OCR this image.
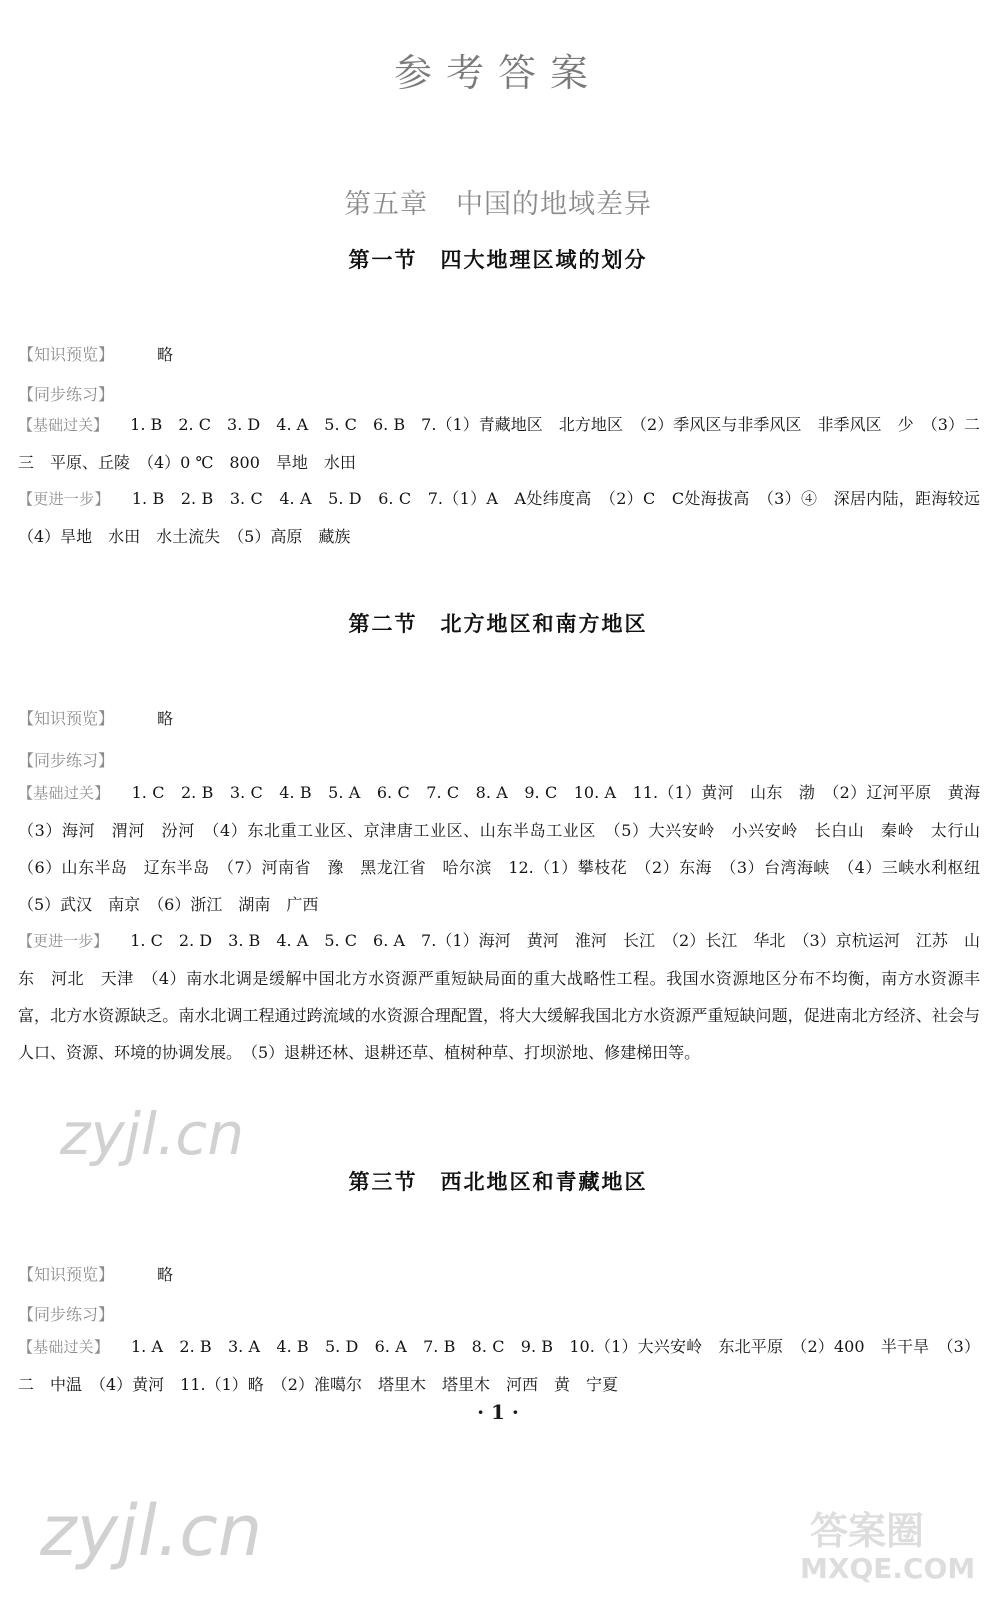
参考答案
第五章　中国的地域差异
第一节　四大地理区域的划分
【知识预览】	略
【同步练习】
【基础过关】 1. B　2. C　3. D　4. A　5. C　6. B　7.（1）青藏地区　北方地区　（2）季风区与非季风区　非季风区　少　（3）二　三　平原、丘陵　（4）0 ℃　800　旱地　水田
【更进一步】 1. B　2. B　3. C　4. A　5. D　6. C　7.（1）A　A处纬度高　（2）C　C处海拔高　（3）④　深居内陆，距海较远　（4）旱地　水田　水土流失　（5）高原　藏族
第二节　北方地区和南方地区
【知识预览】	略
【同步练习】
【基础过关】 1. C　2. B　3. C　4. B　5. A　6. C　7. C　8. A　9. C　10. A　11.（1）黄河　山东　渤　（2）辽河平原　黄海　（3）海河　渭河　汾河　（4）东北重工业区、京津唐工业区、山东半岛工业区　（5）大兴安岭　小兴安岭　长白山　秦岭　太行山　（6）山东半岛　辽东半岛　（7）河南省　豫　黑龙江省　哈尔滨　12.（1）攀枝花　（2）东海　（3）台湾海峡　（4）三峡水利枢纽　（5）武汉　南京　（6）浙江　湖南　广西
【更进一步】 1. C　2. D　3. B　4. A　5. C　6. A　7.（1）海河　黄河　淮河　长江　（2）长江　华北　（3）京杭运河　江苏　山东　河北　天津　（4）南水北调是缓解中国北方水资源严重短缺局面的重大战略性工程。我国水资源地区分布不均衡，南方水资源丰富，北方水资源缺乏。南水北调工程通过跨流域的水资源合理配置，将大大缓解我国北方水资源严重短缺问题，促进南北方经济、社会与人口、资源、环境的协调发展。　（5）退耕还林、退耕还草、植树种草、打坝淤地、修建梯田等。
第三节　西北地区和青藏地区
【知识预览】	略
【同步练习】
【基础过关】 1. A　2. B　3. A　4. B　5. D　6. A　7. B　8. C　9. B　10.（1）大兴安岭　东北平原　（2）400　半干旱　（3）二　中温　（4）黄河　11.（1）略　（2）准噶尔　塔里木　塔里木　河西　黄　宁夏
· 1 ·
zyjl.cn
zyjl.cn	答案圈
MXQE.COM
